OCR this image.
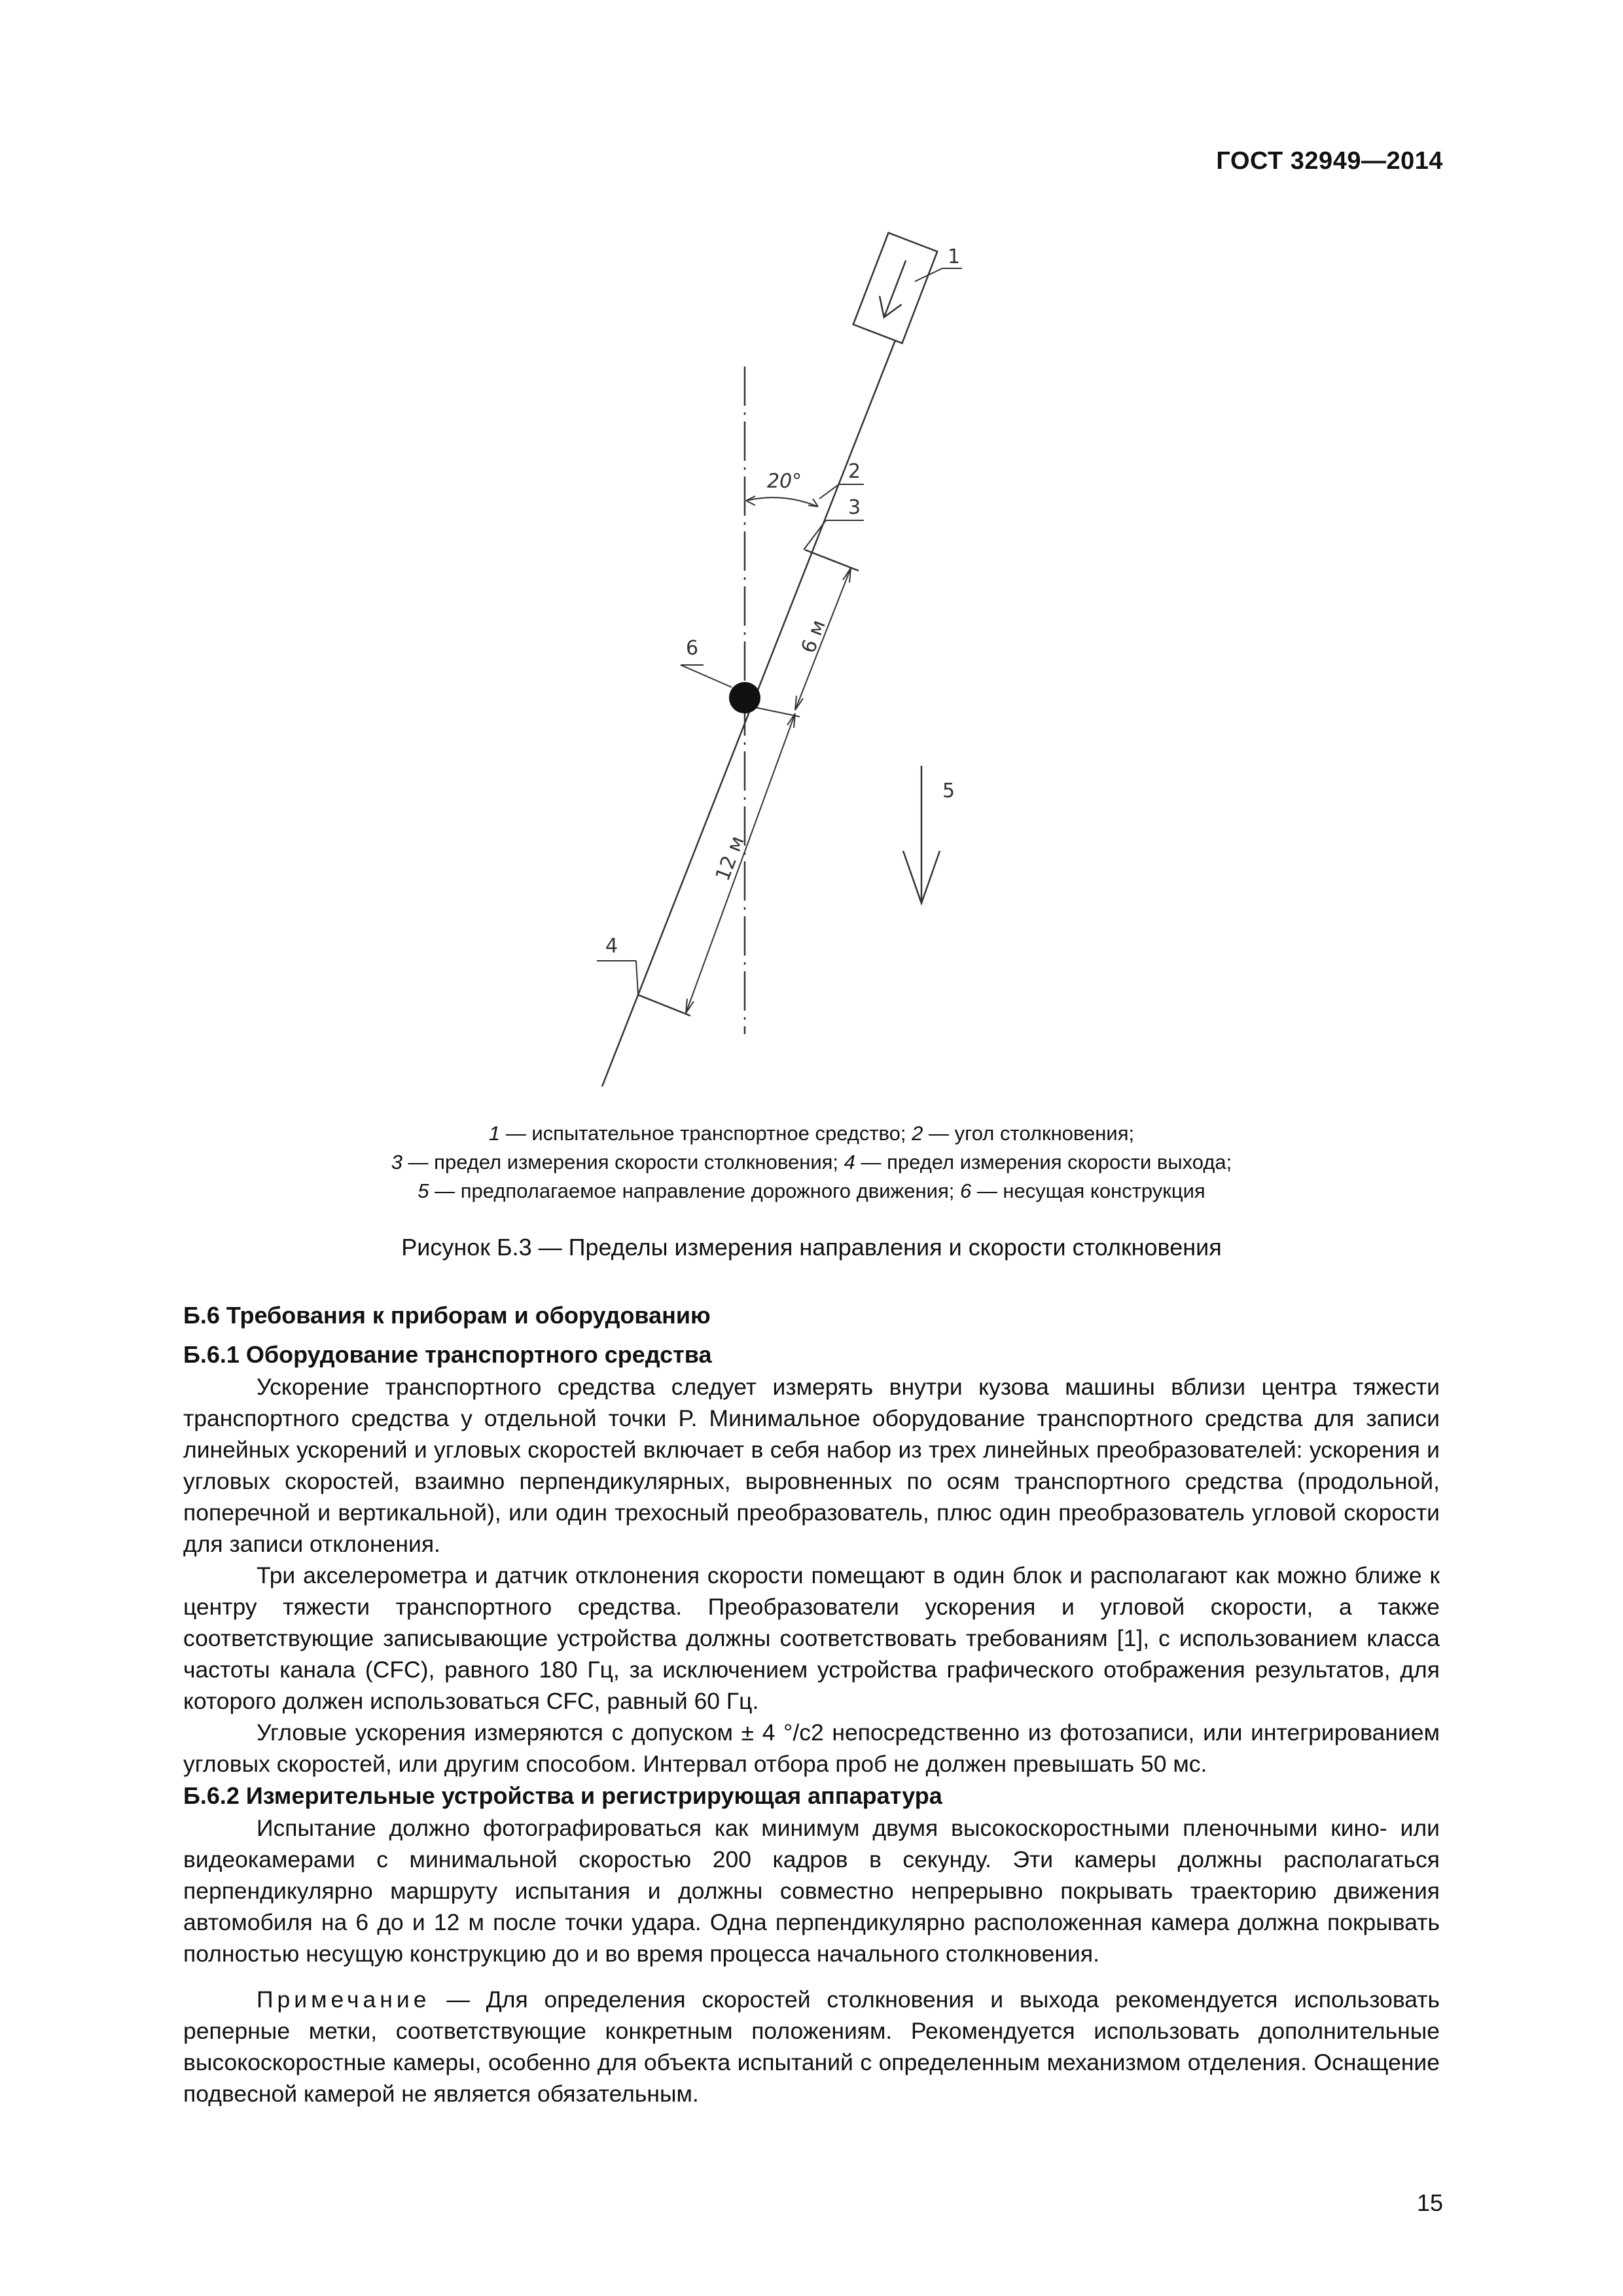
ГОСТ 32949—2014
20°
6 м
12 м
1
2
3
6
4
5
1 — испытательное транспортное средство; 2 — угол столкновения;
3 — предел измерения скорости столкновения; 4 — предел измерения скорости выхода;
5 — предполагаемое направление дорожного движения; 6 — несущая конструкция
Рисунок Б.3 — Пределы измерения направления и скорости столкновения
Б.6 Требования к приборам и оборудованию
Б.6.1 Оборудование транспортного средства

Ускорение транспортного средства следует измерять внутри кузова машины вблизи центра тяжести транспортного средства у отдельной точки P. Минимальное оборудование транспортного средства для записи линейных ускорений и угловых скоростей включает в себя набор из трех линейных преобразователей: ускорения и угловых скоростей, взаимно перпендикулярных, выровненных по осям транспортного средства (продольной, поперечной и вертикальной), или один трехосный преобразователь, плюс один преобразователь угловой скорости для записи отклонения.

Три акселерометра и датчик отклонения скорости помещают в один блок и располагают как можно ближе к центру тяжести транспортного средства. Преобразователи ускорения и угловой скорости, а также соответствующие записывающие устройства должны соответствовать требованиям [1], с использованием класса частоты канала (CFC), равного 180 Гц, за исключением устройства графического отображения результатов, для которого должен использоваться CFC, равный 60 Гц.

Угловые ускорения измеряются с допуском ± 4 °/с2 непосредственно из фотозаписи, или интегрированием угловых скоростей, или другим способом. Интервал отбора проб не должен превышать 50 мс.

Б.6.2 Измерительные устройства и регистрирующая аппаратура

Испытание должно фотографироваться как минимум двумя высокоскоростными пленочными кино- или видеокамерами с минимальной скоростью 200 кадров в секунду. Эти камеры должны располагаться перпендикулярно маршруту испытания и должны совместно непрерывно покрывать траекторию движения автомобиля на 6 до и 12 м после точки удара. Одна перпендикулярно расположенная камера должна покрывать полностью несущую конструкцию до и во время процесса начального столкновения.

Примечание — Для определения скоростей столкновения и выхода рекомендуется использовать реперные метки, соответствующие конкретным положениям. Рекомендуется использовать дополнительные высокоскоростные камеры, особенно для объекта испытаний с определенным механизмом отделения. Оснащение подвесной камерой не является обязательным.

15
